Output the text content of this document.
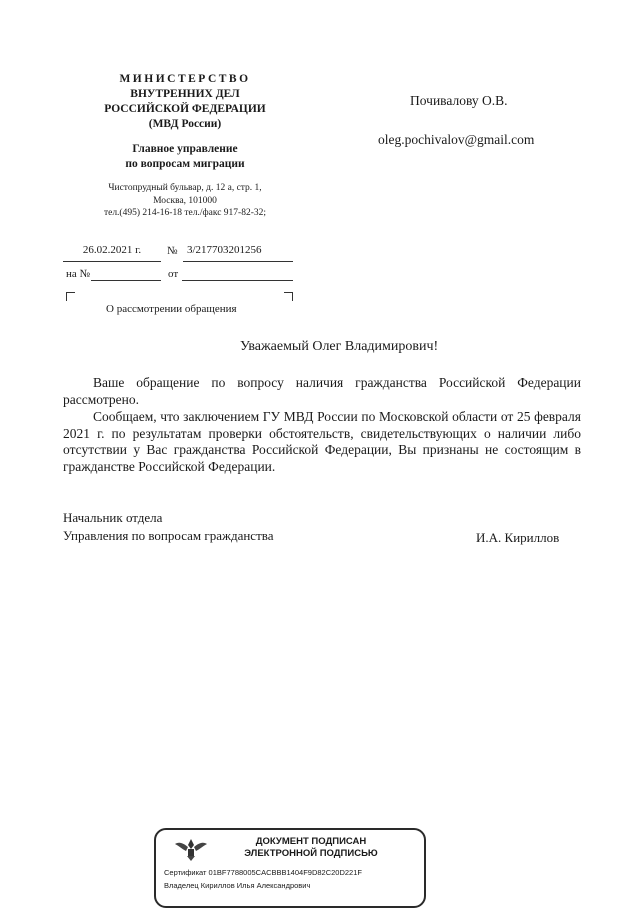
МИНИСТЕРСТВО
ВНУТРЕННИХ ДЕЛ
РОССИЙСКОЙ ФЕДЕРАЦИИ
(МВД России)
Главное управление
по вопросам миграции
Чистопрудный бульвар, д. 12 а, стр. 1,
Москва, 101000
тел.(495) 214-16-18 тел./факс 917-82-32;
26.02.2021 г.	№ 3/217703201256
на №	от
О рассмотрении обращения
Почивалову О.В.
oleg.pochivalov@gmail.com
Уважаемый Олег Владимирович!
Ваше обращение по вопросу наличия гражданства Российской Федерации рассмотрено.
Сообщаем, что заключением ГУ МВД России по Московской области от 25 февраля 2021 г. по результатам проверки обстоятельств, свидетельствующих о наличии либо отсутствии у Вас гражданства Российской Федерации, Вы признаны не состоящим в гражданстве Российской Федерации.
Начальник отдела
Управления по вопросам гражданства	И.А. Кириллов
ДОКУМЕНТ ПОДПИСАН
ЭЛЕКТРОННОЙ ПОДПИСЬЮ
Сертификат 01BF7788005CACBBB1404F9D82C20D221F
Владелец Кириллов Илья Александрович
